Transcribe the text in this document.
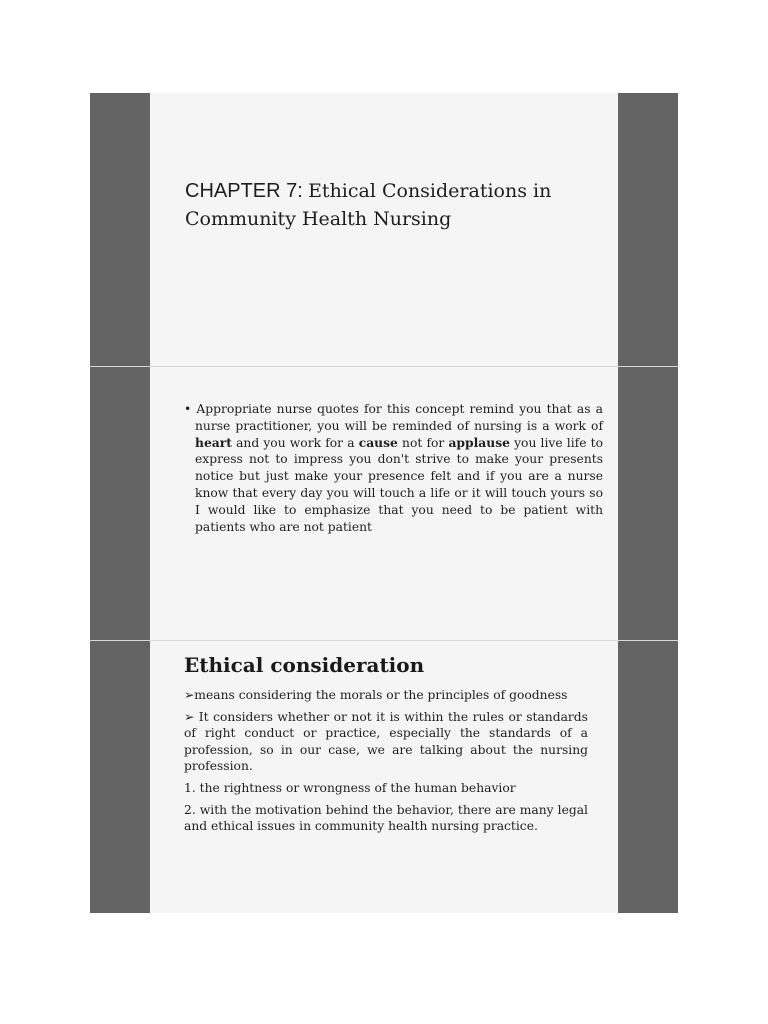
CHAPTER 7: Ethical Considerations in Community Health Nursing
• Appropriate nurse quotes for this concept remind you that as a nurse practitioner, you will be reminded of nursing is a work of heart and you work for a cause not for applause you live life to express not to impress you don't strive to make your presents notice but just make your presence felt and if you are a nurse know that every day you will touch a life or it will touch yours so I would like to emphasize that you need to be patient with patients who are not patient
Ethical consideration

➢means considering the morals or the principles of goodness

➢ It considers whether or not it is within the rules or standards of right conduct or practice, especially the standards of a profession, so in our case, we are talking about the nursing profession.

1. the rightness or wrongness of the human behavior

2. with the motivation behind the behavior, there are many legal and ethical issues in community health nursing practice.
